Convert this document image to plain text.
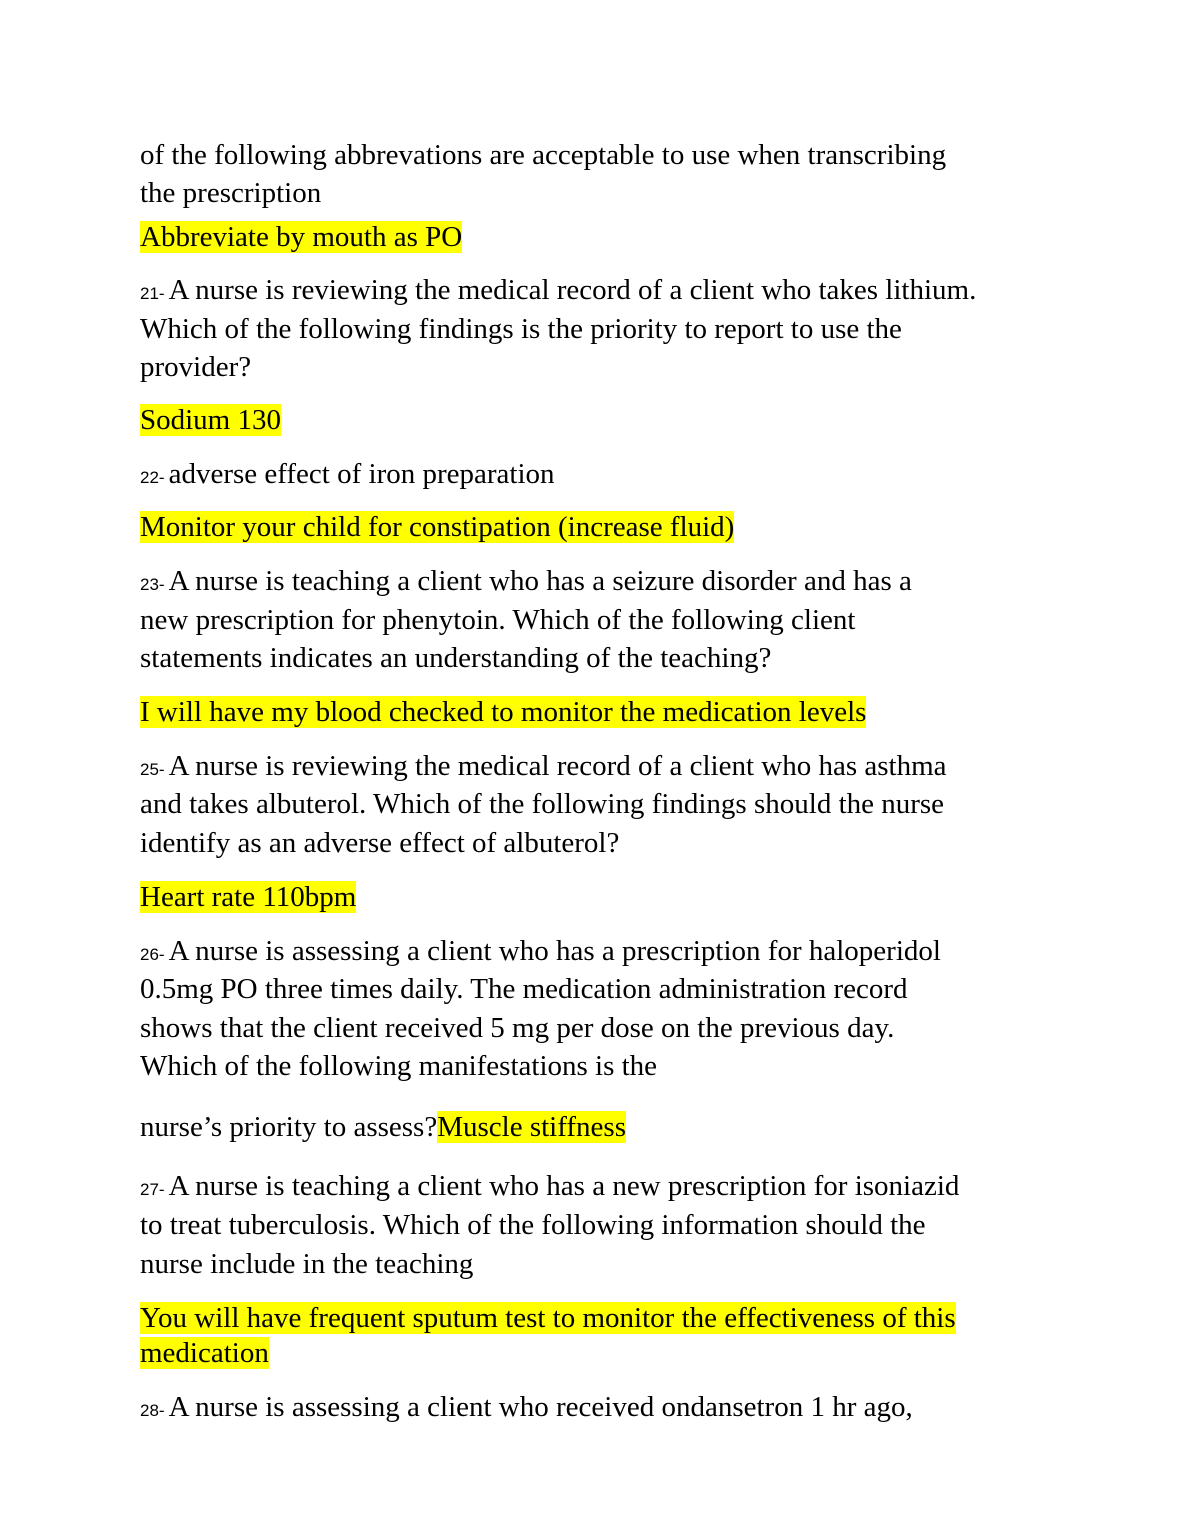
of the following abbrevations are acceptable to use when transcribing
the prescription
Abbreviate by mouth as PO
21- A nurse is reviewing the medical record of a client who takes lithium.
Which of the following findings is the priority to report to use the
provider?
Sodium 130
22- adverse effect of iron preparation
Monitor your child for constipation (increase fluid)
23- A nurse is teaching a client who has a seizure disorder and has a
new prescription for phenytoin. Which of the following client
statements indicates an understanding of the teaching?
I will have my blood checked to monitor the medication levels
25- A nurse is reviewing the medical record of a client who has asthma
and takes albuterol. Which of the following findings should the nurse
identify as an adverse effect of albuterol?
Heart rate 110bpm
26- A nurse is assessing a client who has a prescription for haloperidol
0.5mg PO three times daily. The medication administration record
shows that the client received 5 mg per dose on the previous day.
Which of the following manifestations is the
nurse’s priority to assess?Muscle stiffness
27- A nurse is teaching a client who has a new prescription for isoniazid
to treat tuberculosis. Which of the following information should the
nurse include in the teaching
You will have frequent sputum test to monitor the effectiveness of this
medication
28- A nurse is assessing a client who received ondansetron 1 hr ago,
